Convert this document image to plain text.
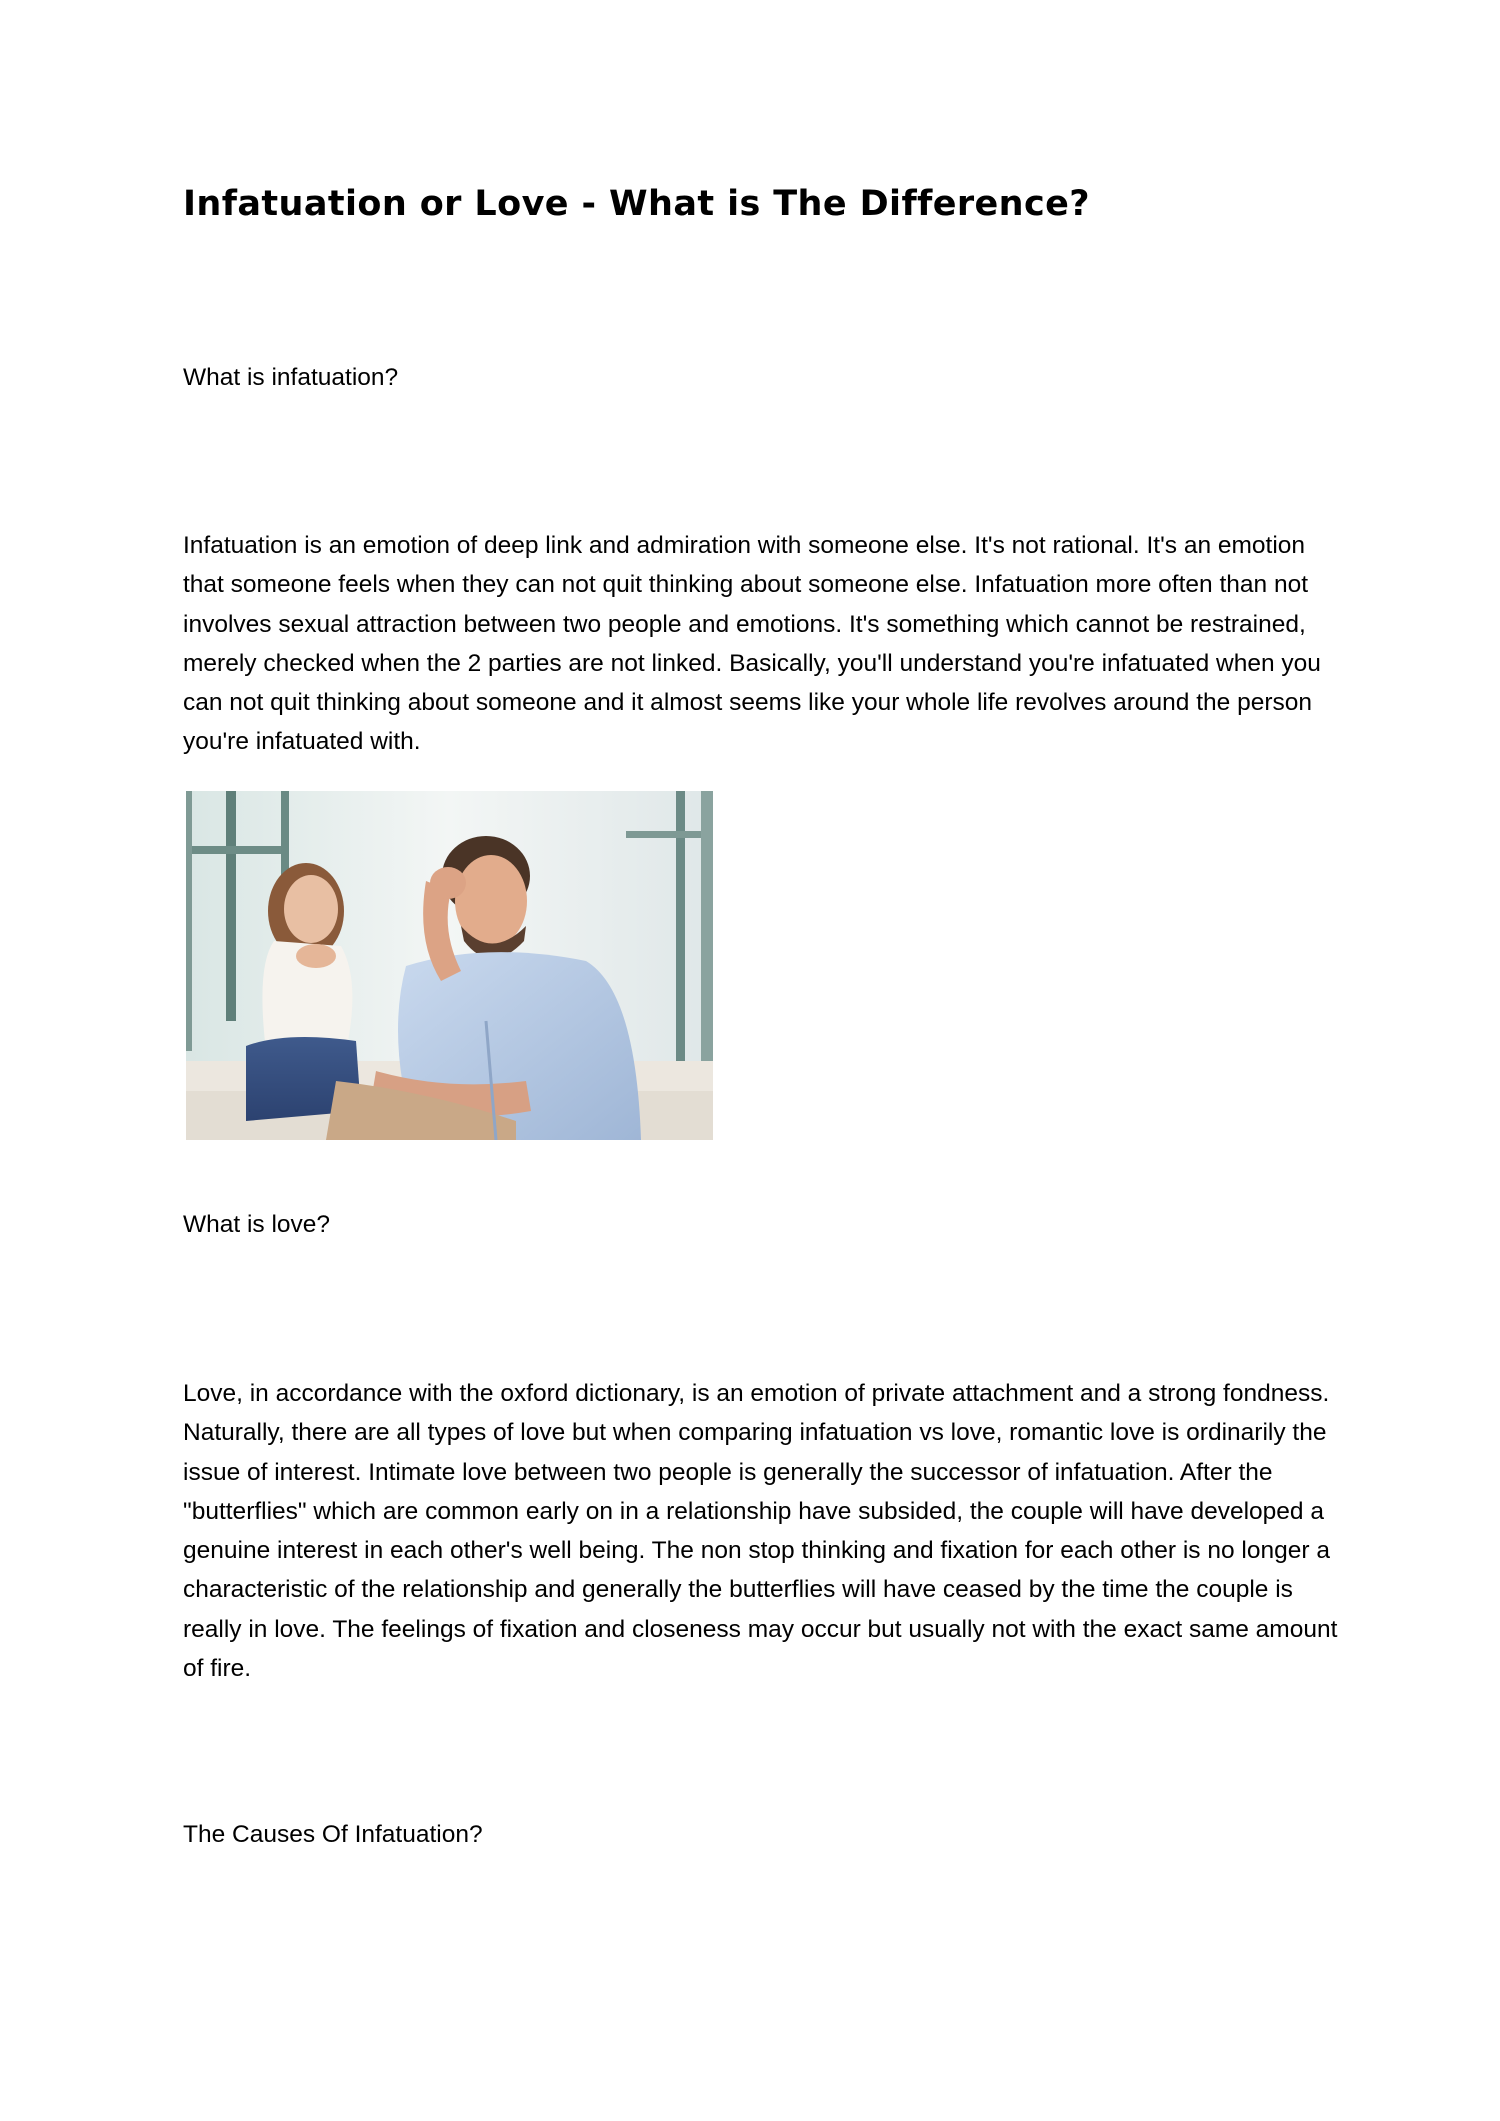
Infatuation or Love - What is The Difference?

What is infatuation?

Infatuation is an emotion of deep link and admiration with someone else. It's not rational. It's an emotion that someone feels when they can not quit thinking about someone else. Infatuation more often than not involves sexual attraction between two people and emotions. It's something which cannot be restrained, merely checked when the 2 parties are not linked. Basically, you'll understand you're infatuated when you can not quit thinking about someone and it almost seems like your whole life revolves around the person you're infatuated with.

What is love?

Love, in accordance with the oxford dictionary, is an emotion of private attachment and a strong fondness. Naturally, there are all types of love but when comparing infatuation vs love, romantic love is ordinarily the issue of interest. Intimate love between two people is generally the successor of infatuation. After the "butterflies" which are common early on in a relationship have subsided, the couple will have developed a genuine interest in each other's well being. The non stop thinking and fixation for each other is no longer a characteristic of the relationship and generally the butterflies will have ceased by the time the couple is really in love. The feelings of fixation and closeness may occur but usually not with the exact same amount of fire.

The Causes Of Infatuation?
